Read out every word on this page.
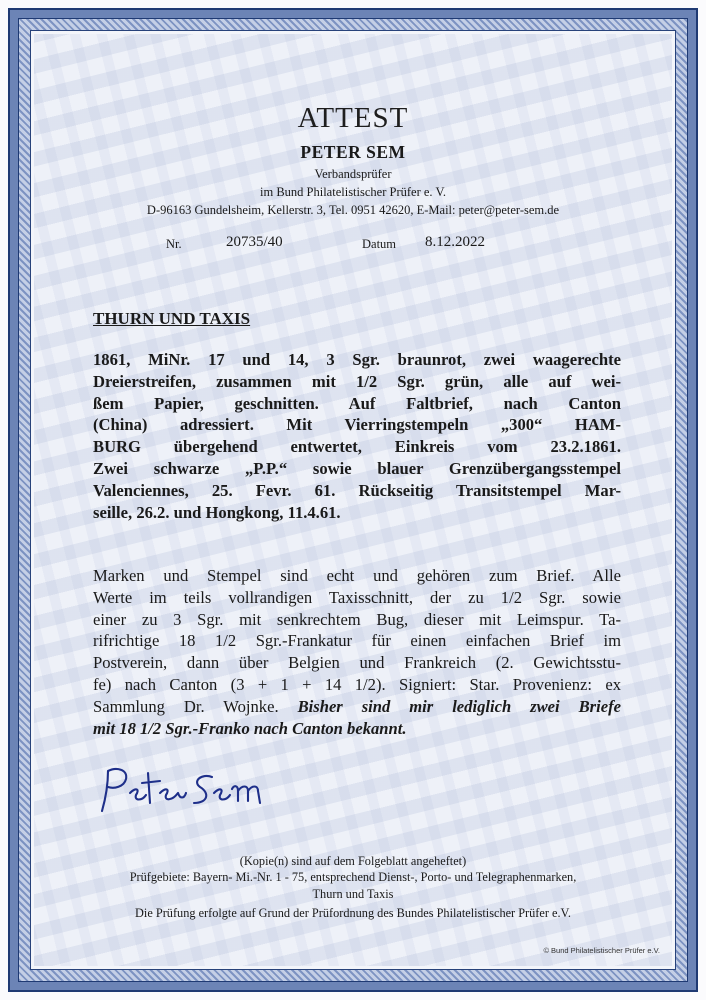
ATTEST
PETER SEM
Verbandsprüfer
im Bund Philatelistischer Prüfer e. V.
D-96163 Gundelsheim, Kellerstr. 3, Tel. 0951 42620, E-Mail: peter@peter-sem.de
Nr.	20735/40	Datum 8.12.2022
THURN UND TAXIS
1861, MiNr. 17 und 14, 3 Sgr. braunrot, zwei waagerechte
Dreierstreifen, zusammen mit 1/2 Sgr. grün, alle auf wei-
ßem Papier, geschnitten. Auf Faltbrief, nach Canton
(China) adressiert. Mit Vierringstempeln „300“ HAM-
BURG übergehend entwertet, Einkreis vom 23.2.1861.
Zwei schwarze „P.P.“ sowie blauer Grenzübergangsstempel
Valenciennes, 25. Fevr. 61. Rückseitig Transitstempel Mar-
seille, 26.2. und Hongkong, 11.4.61.
Marken und Stempel sind echt und gehören zum Brief. Alle
Werte im teils vollrandigen Taxisschnitt, der zu 1/2 Sgr. sowie
einer zu 3 Sgr. mit senkrechtem Bug, dieser mit Leimspur. Ta-
rifrichtige 18 1/2 Sgr.-Frankatur für einen einfachen Brief im
Postverein, dann über Belgien und Frankreich (2. Gewichtsstu-
fe) nach Canton (3 + 1 + 14 1/2). Signiert: Star. Provenienz: ex
Sammlung Dr. Wojnke. Bisher sind mir lediglich zwei Briefe
mit 18 1/2 Sgr.-Franko nach Canton bekannt.
(Kopie(n) sind auf dem Folgeblatt angeheftet)
Prüfgebiete: Bayern- Mi.-Nr. 1 - 75, entsprechend Dienst-, Porto- und Telegraphenmarken,
Thurn und Taxis
Die Prüfung erfolgte auf Grund der Prüfordnung des Bundes Philatelistischer Prüfer e.V.
© Bund Philatelistischer Prüfer e.V.
